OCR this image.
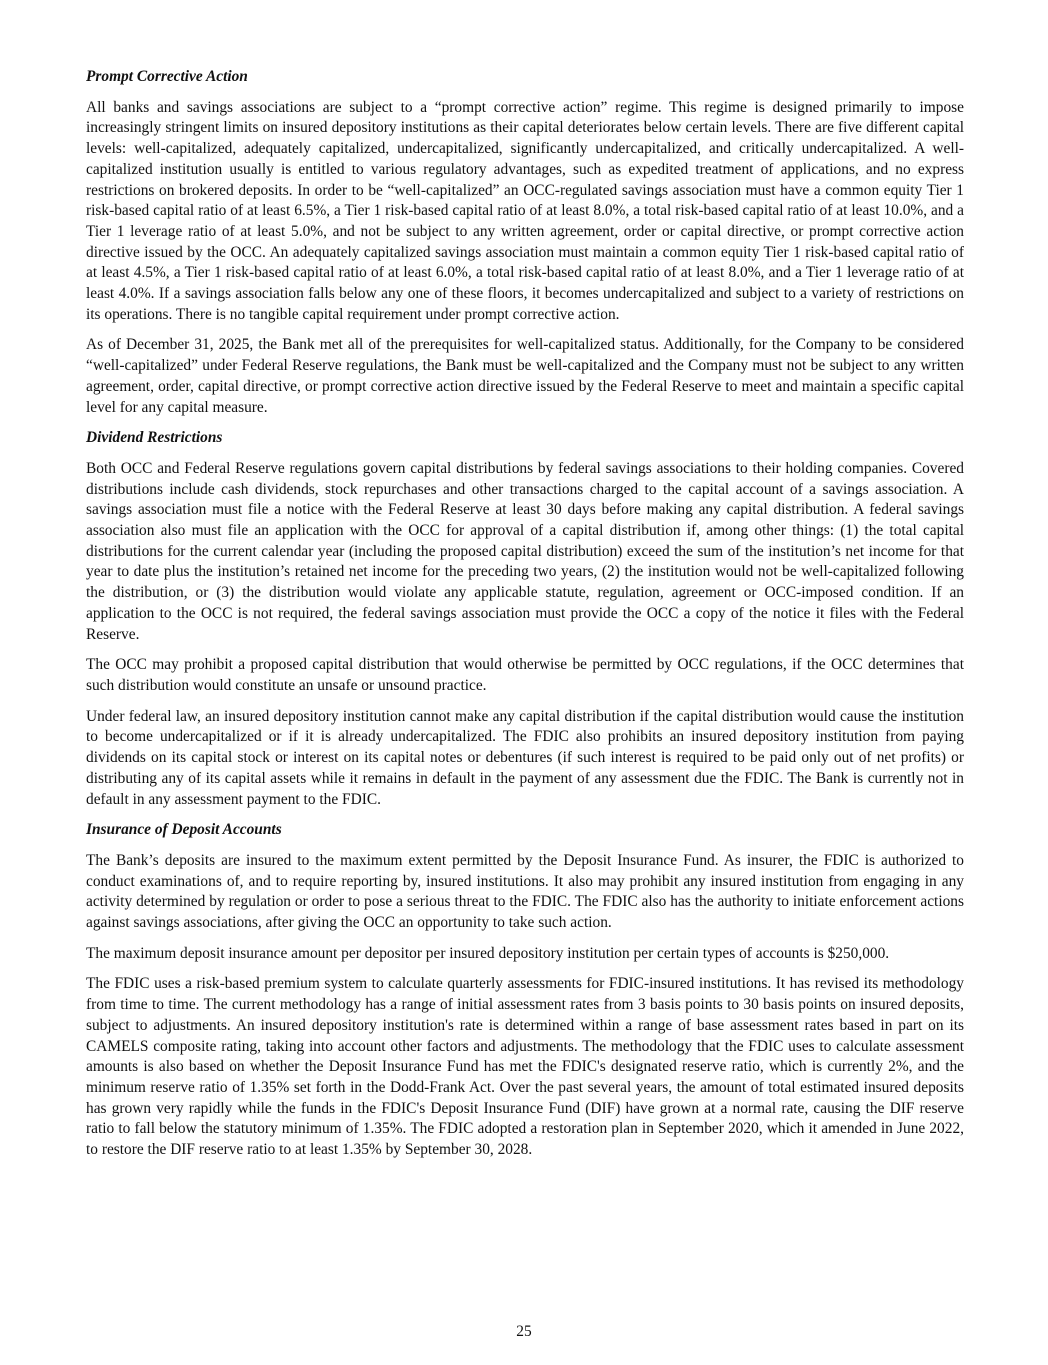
Prompt Corrective Action

All banks and savings associations are subject to a “prompt corrective action” regime. This regime is designed primarily to impose increasingly stringent limits on insured depository institutions as their capital deteriorates below certain levels. There are five different capital levels: well-capitalized, adequately capitalized, undercapitalized, significantly undercapitalized, and critically undercapitalized. A well-capitalized institution usually is entitled to various regulatory advantages, such as expedited treatment of applications, and no express restrictions on brokered deposits. In order to be “well-capitalized” an OCC-regulated savings association must have a common equity Tier 1 risk-based capital ratio of at least 6.5%, a Tier 1 risk-based capital ratio of at least 8.0%, a total risk-based capital ratio of at least 10.0%, and a Tier 1 leverage ratio of at least 5.0%, and not be subject to any written agreement, order or capital directive, or prompt corrective action directive issued by the OCC. An adequately capitalized savings association must maintain a common equity Tier 1 risk-based capital ratio of at least 4.5%, a Tier 1 risk-based capital ratio of at least 6.0%, a total risk-based capital ratio of at least 8.0%, and a Tier 1 leverage ratio of at least 4.0%. If a savings association falls below any one of these floors, it becomes undercapitalized and subject to a variety of restrictions on its operations. There is no tangible capital requirement under prompt corrective action.

As of December 31, 2025, the Bank met all of the prerequisites for well-capitalized status. Additionally, for the Company to be considered “well-capitalized” under Federal Reserve regulations, the Bank must be well-capitalized and the Company must not be subject to any written agreement, order, capital directive, or prompt corrective action directive issued by the Federal Reserve to meet and maintain a specific capital level for any capital measure.

Dividend Restrictions

Both OCC and Federal Reserve regulations govern capital distributions by federal savings associations to their holding companies. Covered distributions include cash dividends, stock repurchases and other transactions charged to the capital account of a savings association. A savings association must file a notice with the Federal Reserve at least 30 days before making any capital distribution. A federal savings association also must file an application with the OCC for approval of a capital distribution if, among other things: (1) the total capital distributions for the current calendar year (including the proposed capital distribution) exceed the sum of the institution’s net income for that year to date plus the institution’s retained net income for the preceding two years, (2) the institution would not be well-capitalized following the distribution, or (3) the distribution would violate any applicable statute, regulation, agreement or OCC-imposed condition. If an application to the OCC is not required, the federal savings association must provide the OCC a copy of the notice it files with the Federal Reserve.

The OCC may prohibit a proposed capital distribution that would otherwise be permitted by OCC regulations, if the OCC determines that such distribution would constitute an unsafe or unsound practice.

Under federal law, an insured depository institution cannot make any capital distribution if the capital distribution would cause the institution to become undercapitalized or if it is already undercapitalized. The FDIC also prohibits an insured depository institution from paying dividends on its capital stock or interest on its capital notes or debentures (if such interest is required to be paid only out of net profits) or distributing any of its capital assets while it remains in default in the payment of any assessment due the FDIC. The Bank is currently not in default in any assessment payment to the FDIC.

Insurance of Deposit Accounts

The Bank’s deposits are insured to the maximum extent permitted by the Deposit Insurance Fund. As insurer, the FDIC is authorized to conduct examinations of, and to require reporting by, insured institutions. It also may prohibit any insured institution from engaging in any activity determined by regulation or order to pose a serious threat to the FDIC. The FDIC also has the authority to initiate enforcement actions against savings associations, after giving the OCC an opportunity to take such action.

The maximum deposit insurance amount per depositor per insured depository institution per certain types of accounts is $250,000.

The FDIC uses a risk-based premium system to calculate quarterly assessments for FDIC-insured institutions. It has revised its methodology from time to time. The current methodology has a range of initial assessment rates from 3 basis points to 30 basis points on insured deposits, subject to adjustments. An insured depository institution's rate is determined within a range of base assessment rates based in part on its CAMELS composite rating, taking into account other factors and adjustments. The methodology that the FDIC uses to calculate assessment amounts is also based on whether the Deposit Insurance Fund has met the FDIC's designated reserve ratio, which is currently 2%, and the minimum reserve ratio of 1.35% set forth in the Dodd-Frank Act. Over the past several years, the amount of total estimated insured deposits has grown very rapidly while the funds in the FDIC's Deposit Insurance Fund (DIF) have grown at a normal rate, causing the DIF reserve ratio to fall below the statutory minimum of 1.35%. The FDIC adopted a restoration plan in September 2020, which it amended in June 2022, to restore the DIF reserve ratio to at least 1.35% by September 30, 2028.

25
